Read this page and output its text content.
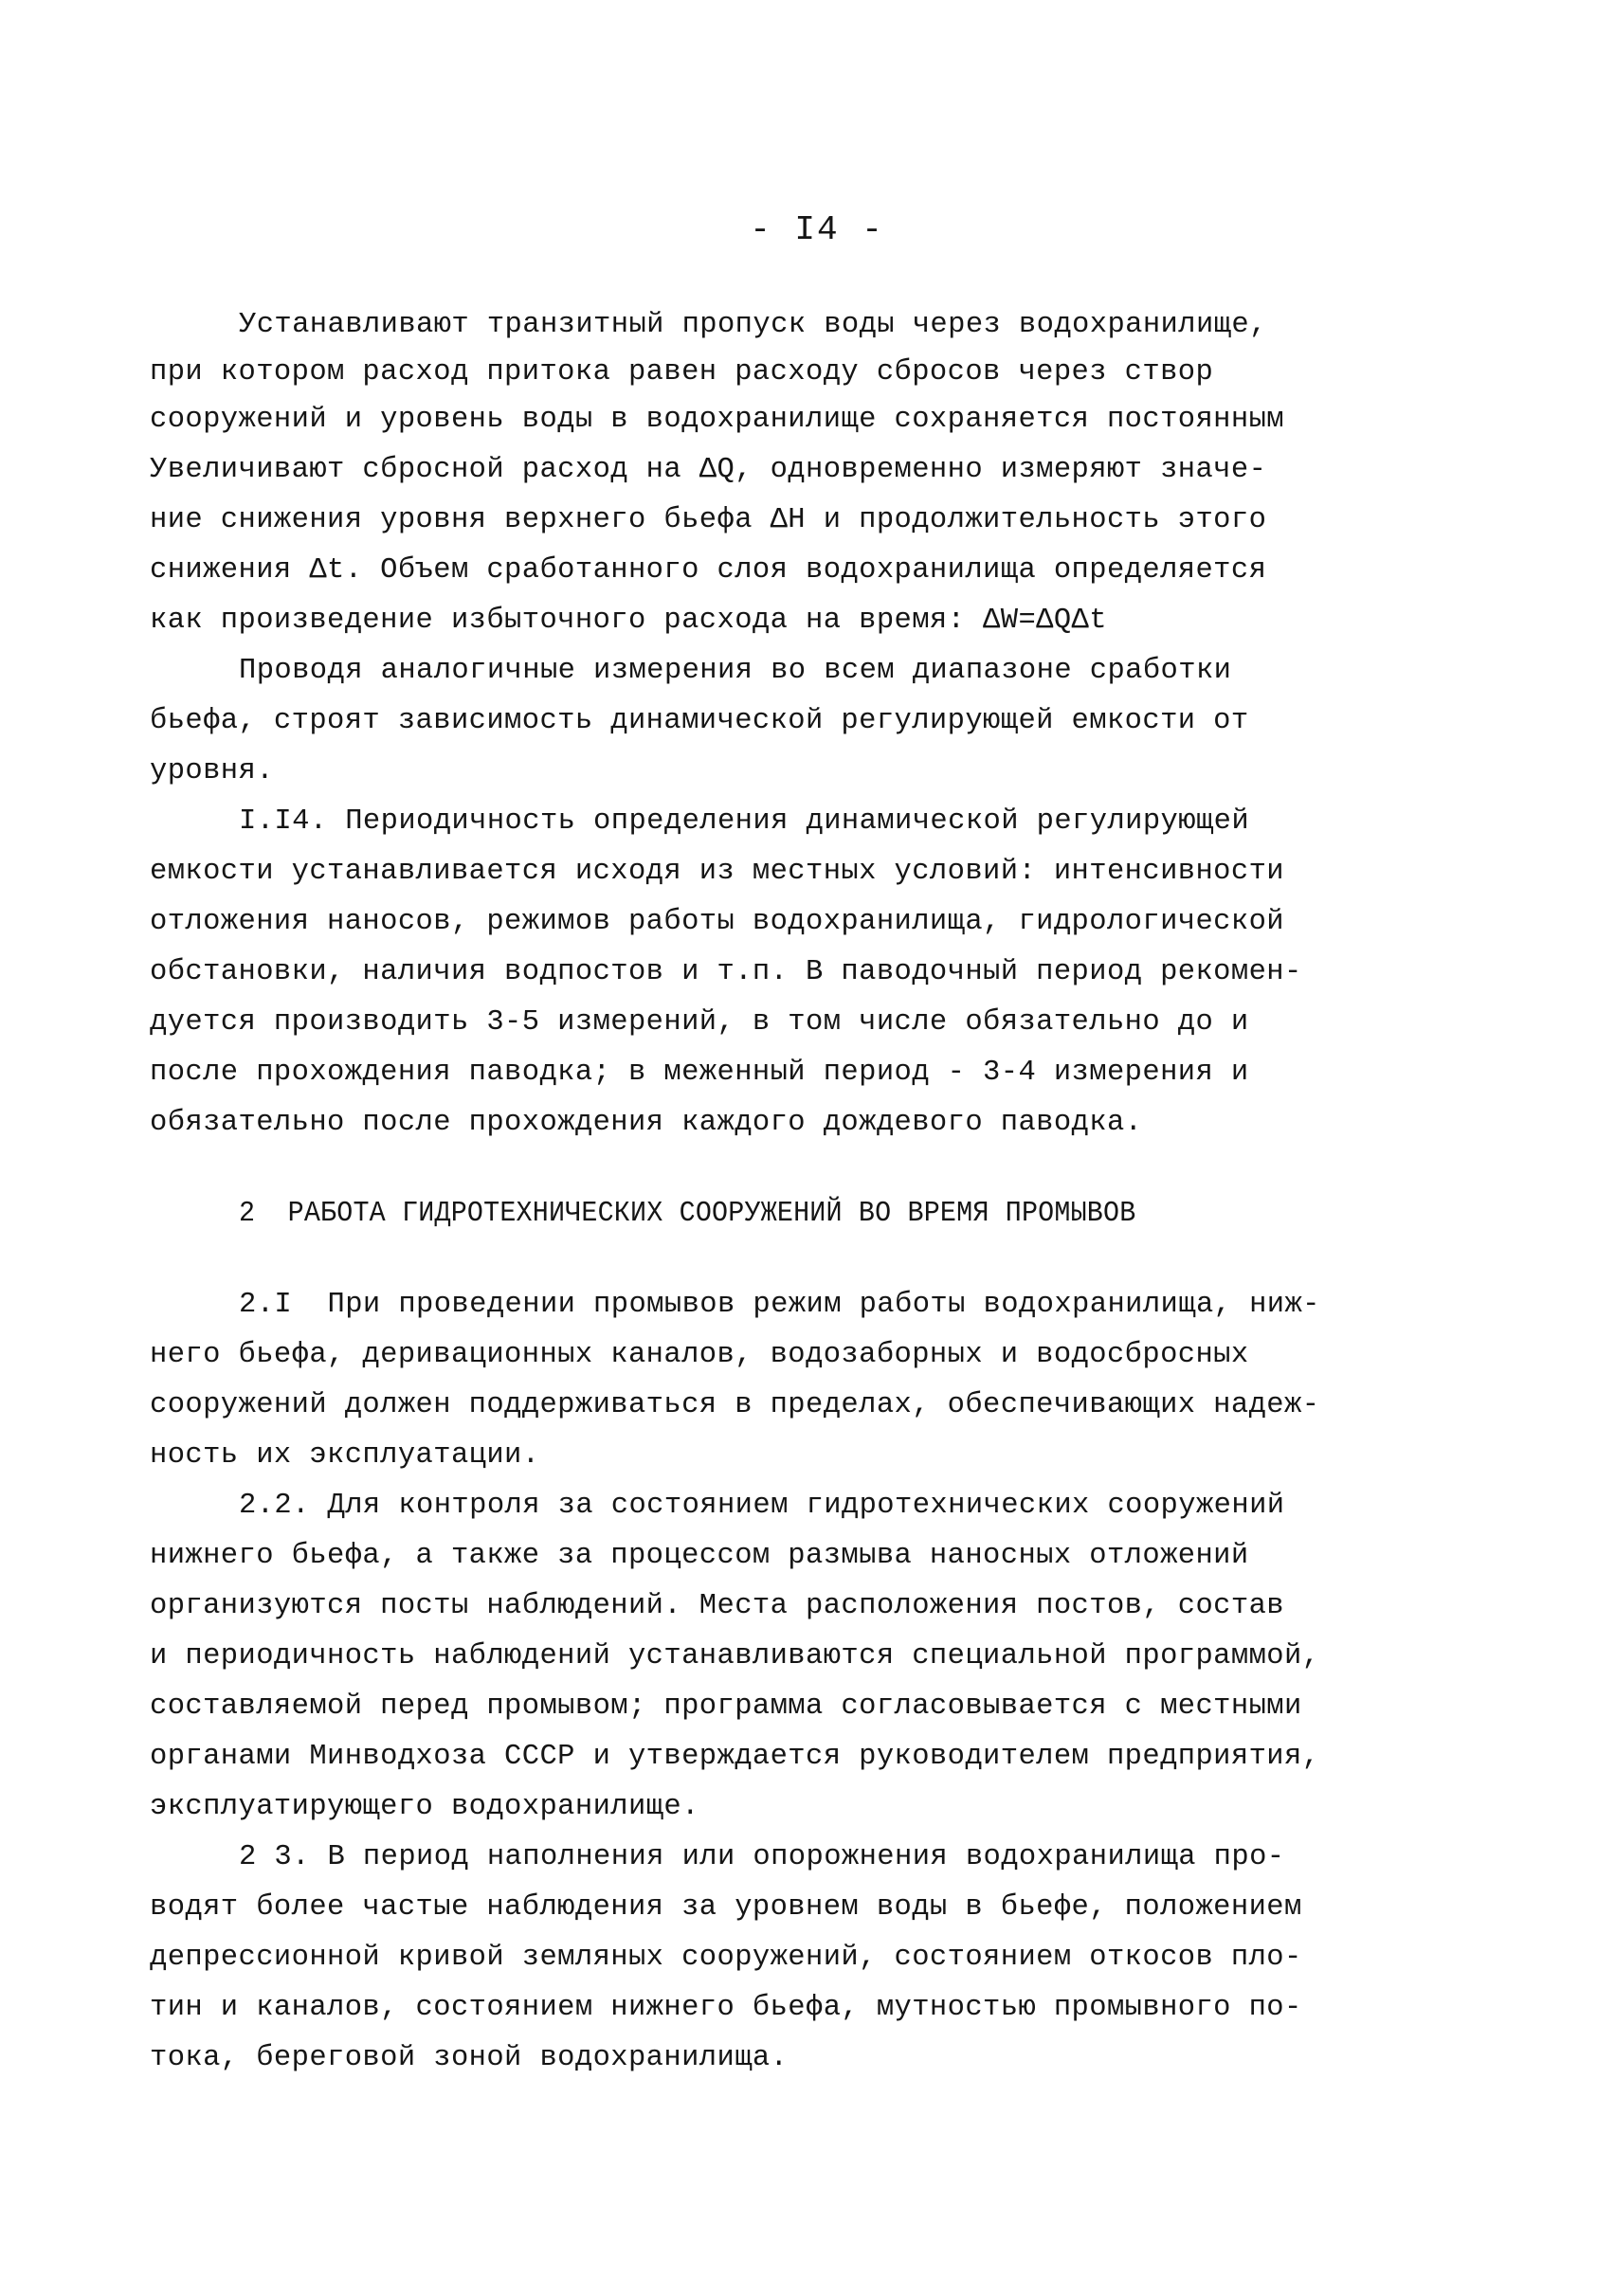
- I4 -
Устанавливают транзитный пропуск воды через водохранилище,
при котором расход притока равен расходу сбросов через створ
сооружений и уровень воды в водохранилище сохраняется постоянным
Увеличивают сбросной расход на ΔQ, одновременно измеряют значе-
ние снижения уровня верхнего бьефа ΔH и продолжительность этого
снижения Δt. Объем сработанного слоя водохранилища определяется
как произведение избыточного расхода на время: ΔW=ΔQΔt
Проводя аналогичные измерения во всем диапазоне сработки
бьефа, строят зависимость динамической регулирующей емкости от
уровня.
I.I4. Периодичность определения динамической регулирующей
емкости устанавливается исходя из местных условий: интенсивности
отложения наносов, режимов работы водохранилища, гидрологической
обстановки, наличия водпостов и т.п. В паводочный период рекомен-
дуется производить 3-5 измерений, в том числе обязательно до и
после прохождения паводка; в меженный период - 3-4 измерения и
обязательно после прохождения каждого дождевого паводка.
2  РАБОТА ГИДРОТЕХНИЧЕСКИХ СООРУЖЕНИЙ ВО ВРЕМЯ ПРОМЫВОВ
2.I  При проведении промывов режим работы водохранилища, ниж-
него бьефа, деривационных каналов, водозаборных и водосбросных
сооружений должен поддерживаться в пределах, обеспечивающих надеж-
ность их эксплуатации.
2.2. Для контроля за состоянием гидротехнических сооружений
нижнего бьефа, а также за процессом размыва наносных отложений
организуются посты наблюдений. Места расположения постов, состав
и периодичность наблюдений устанавливаются специальной программой,
составляемой перед промывом; программа согласовывается с местными
органами Минводхоза СССР и утверждается руководителем предприятия,
эксплуатирующего водохранилище.
2 3. В период наполнения или опорожнения водохранилища про-
водят более частые наблюдения за уровнем воды в бьефе, положением
депрессионной кривой земляных сооружений, состоянием откосов пло-
тин и каналов, состоянием нижнего бьефа, мутностью промывного по-
тока, береговой зоной водохранилища.
